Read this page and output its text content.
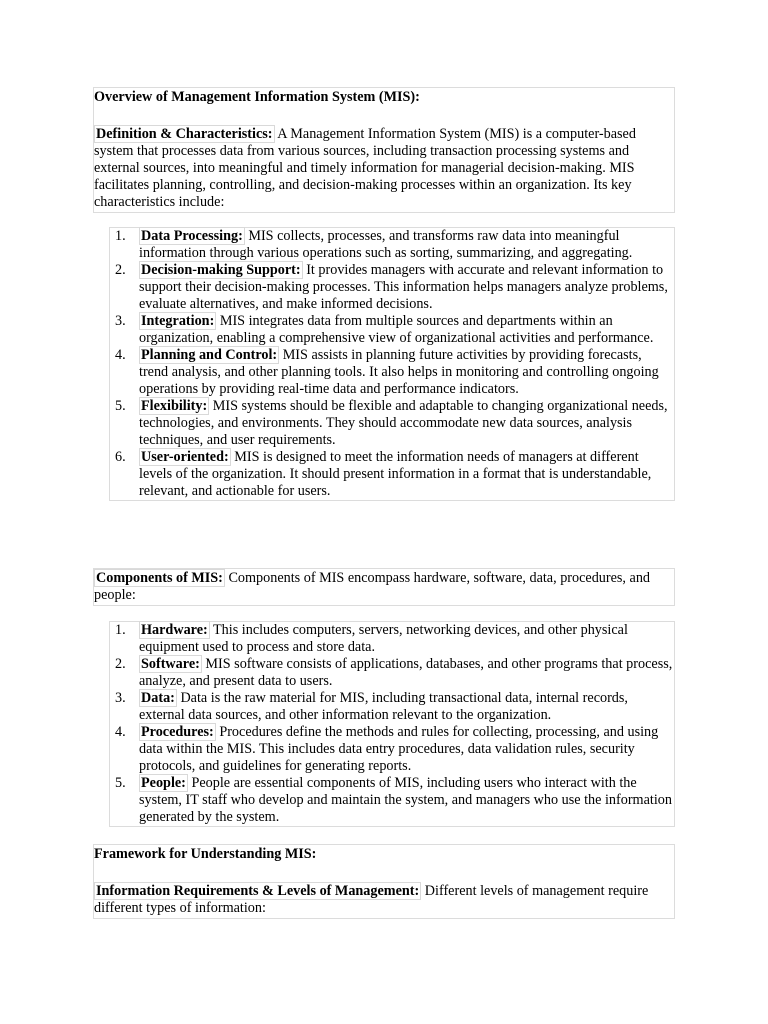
Overview of Management Information System (MIS):

Definition & Characteristics: A Management Information System (MIS) is a computer-based system that processes data from various sources, including transaction processing systems and external sources, into meaningful and timely information for managerial decision-making. MIS facilitates planning, controlling, and decision-making processes within an organization. Its key characteristics include:

1. Data Processing: MIS collects, processes, and transforms raw data into meaningful information through various operations such as sorting, summarizing, and aggregating.
2. Decision-making Support: It provides managers with accurate and relevant information to support their decision-making processes. This information helps managers analyze problems, evaluate alternatives, and make informed decisions.
3. Integration: MIS integrates data from multiple sources and departments within an organization, enabling a comprehensive view of organizational activities and performance.
4. Planning and Control: MIS assists in planning future activities by providing forecasts, trend analysis, and other planning tools. It also helps in monitoring and controlling ongoing operations by providing real-time data and performance indicators.
5. Flexibility: MIS systems should be flexible and adaptable to changing organizational needs, technologies, and environments. They should accommodate new data sources, analysis techniques, and user requirements.
6. User-oriented: MIS is designed to meet the information needs of managers at different levels of the organization. It should present information in a format that is understandable, relevant, and actionable for users.

Components of MIS: Components of MIS encompass hardware, software, data, procedures, and people:

1. Hardware: This includes computers, servers, networking devices, and other physical equipment used to process and store data.
2. Software: MIS software consists of applications, databases, and other programs that process, analyze, and present data to users.
3. Data: Data is the raw material for MIS, including transactional data, internal records, external data sources, and other information relevant to the organization.
4. Procedures: Procedures define the methods and rules for collecting, processing, and using data within the MIS. This includes data entry procedures, data validation rules, security protocols, and guidelines for generating reports.
5. People: People are essential components of MIS, including users who interact with the system, IT staff who develop and maintain the system, and managers who use the information generated by the system.

Framework for Understanding MIS:

Information Requirements & Levels of Management: Different levels of management require different types of information:
